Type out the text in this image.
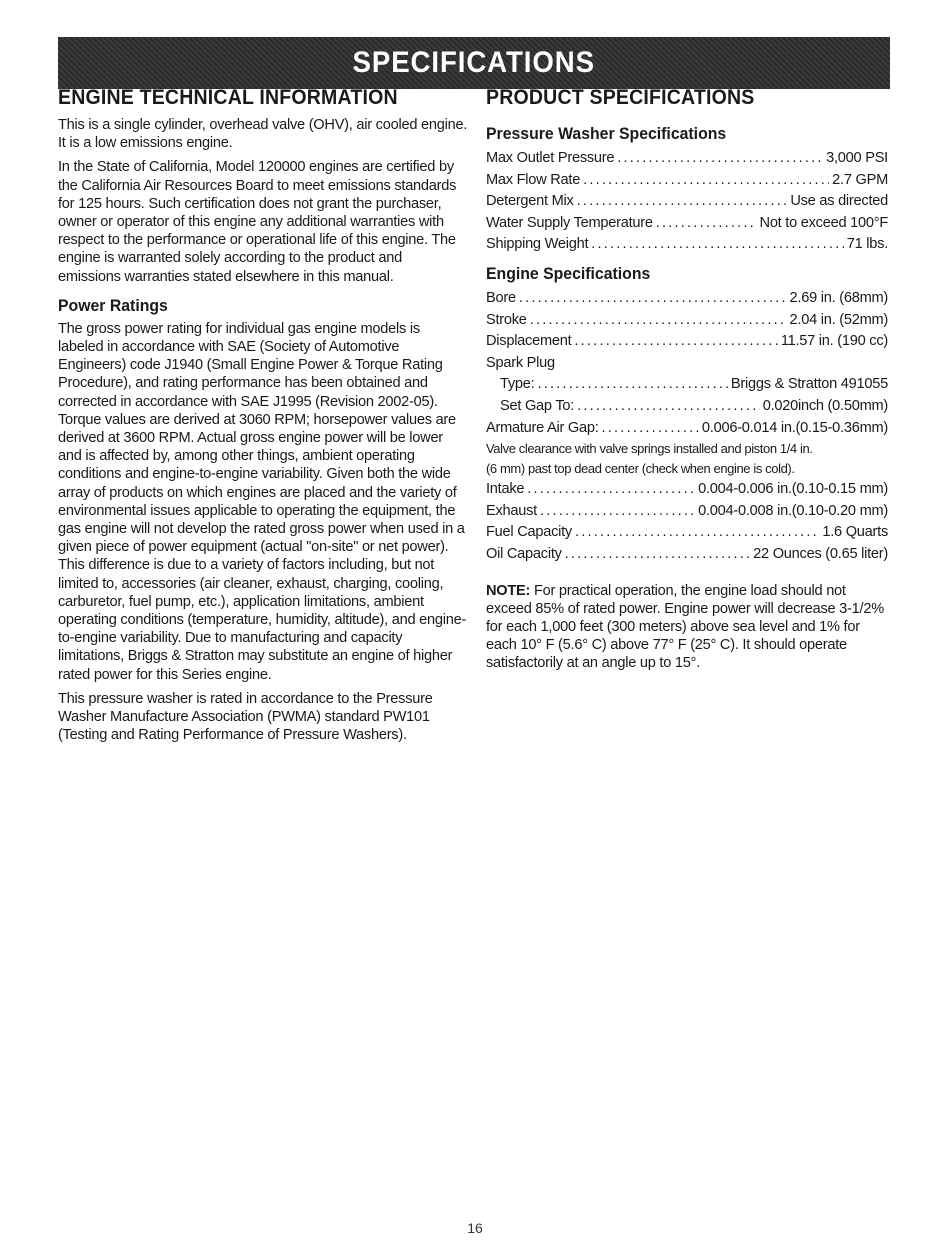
SPECIFICATIONS
ENGINE TECHNICAL INFORMATION

This is a single cylinder, overhead valve (OHV), air cooled engine. It is a low emissions engine.

In the State of California, Model 120000 engines are certified by the California Air Resources Board to meet emissions standards for 125 hours. Such certification does not grant the purchaser, owner or operator of this engine any additional warranties with respect to the performance or operational life of this engine. The engine is warranted solely according to the product and emissions warranties stated elsewhere in this manual.

Power Ratings

The gross power rating for individual gas engine models is labeled in accordance with SAE (Society of Automotive Engineers) code J1940 (Small Engine Power & Torque Rating Procedure), and rating performance has been obtained and corrected in accordance with SAE J1995 (Revision 2002-05). Torque values are derived at 3060 RPM; horsepower values are derived at 3600 RPM. Actual gross engine power will be lower and is affected by, among other things, ambient operating conditions and engine-to-engine variability. Given both the wide array of products on which engines are placed and the variety of environmental issues applicable to operating the equipment, the gas engine will not develop the rated gross power when used in a given piece of power equipment (actual "on-site" or net power). This difference is due to a variety of factors including, but not limited to, accessories (air cleaner, exhaust, charging, cooling, carburetor, fuel pump, etc.), application limitations, ambient operating conditions (temperature, humidity, altitude), and engine-to-engine variability. Due to manufacturing and capacity limitations, Briggs & Stratton may substitute an engine of higher rated power for this Series engine.

This pressure washer is rated in accordance to the Pressure Washer Manufacture Association (PWMA) standard PW101 (Testing and Rating Performance of Pressure Washers).

PRODUCT SPECIFICATIONS
Pressure Washer Specifications
Max Outlet Pressure .....	3,000 PSI
Max Flow Rate .....	2.7 GPM
Detergent Mix .....	Use as directed
Water Supply Temperature .....	Not to exceed 100°F
Shipping Weight .....	71 lbs.
Engine Specifications
Bore .....	2.69 in. (68mm)
Stroke .....	2.04 in. (52mm)
Displacement .....	11.57 in. (190 cc)
Spark Plug
Type: .....	Briggs & Stratton 491055
Set Gap To: .....	0.020inch (0.50mm)
Armature Air Gap: .....	0.006-0.014 in.(0.15-0.36mm)
Valve clearance with valve springs installed and piston 1/4 in.
(6 mm) past top dead center (check when engine is cold).
Intake .....	0.004-0.006 in.(0.10-0.15 mm)
Exhaust .....	0.004-0.008 in.(0.10-0.20 mm)
Fuel Capacity .....	1.6 Quarts
Oil Capacity .....	22 Ounces (0.65 liter)

NOTE: For practical operation, the engine load should not exceed 85% of rated power. Engine power will decrease 3-1/2% for each 1,000 feet (300 meters) above sea level and 1% for each 10° F (5.6° C) above 77° F (25° C). It should operate satisfactorily at an angle up to 15°.

16
